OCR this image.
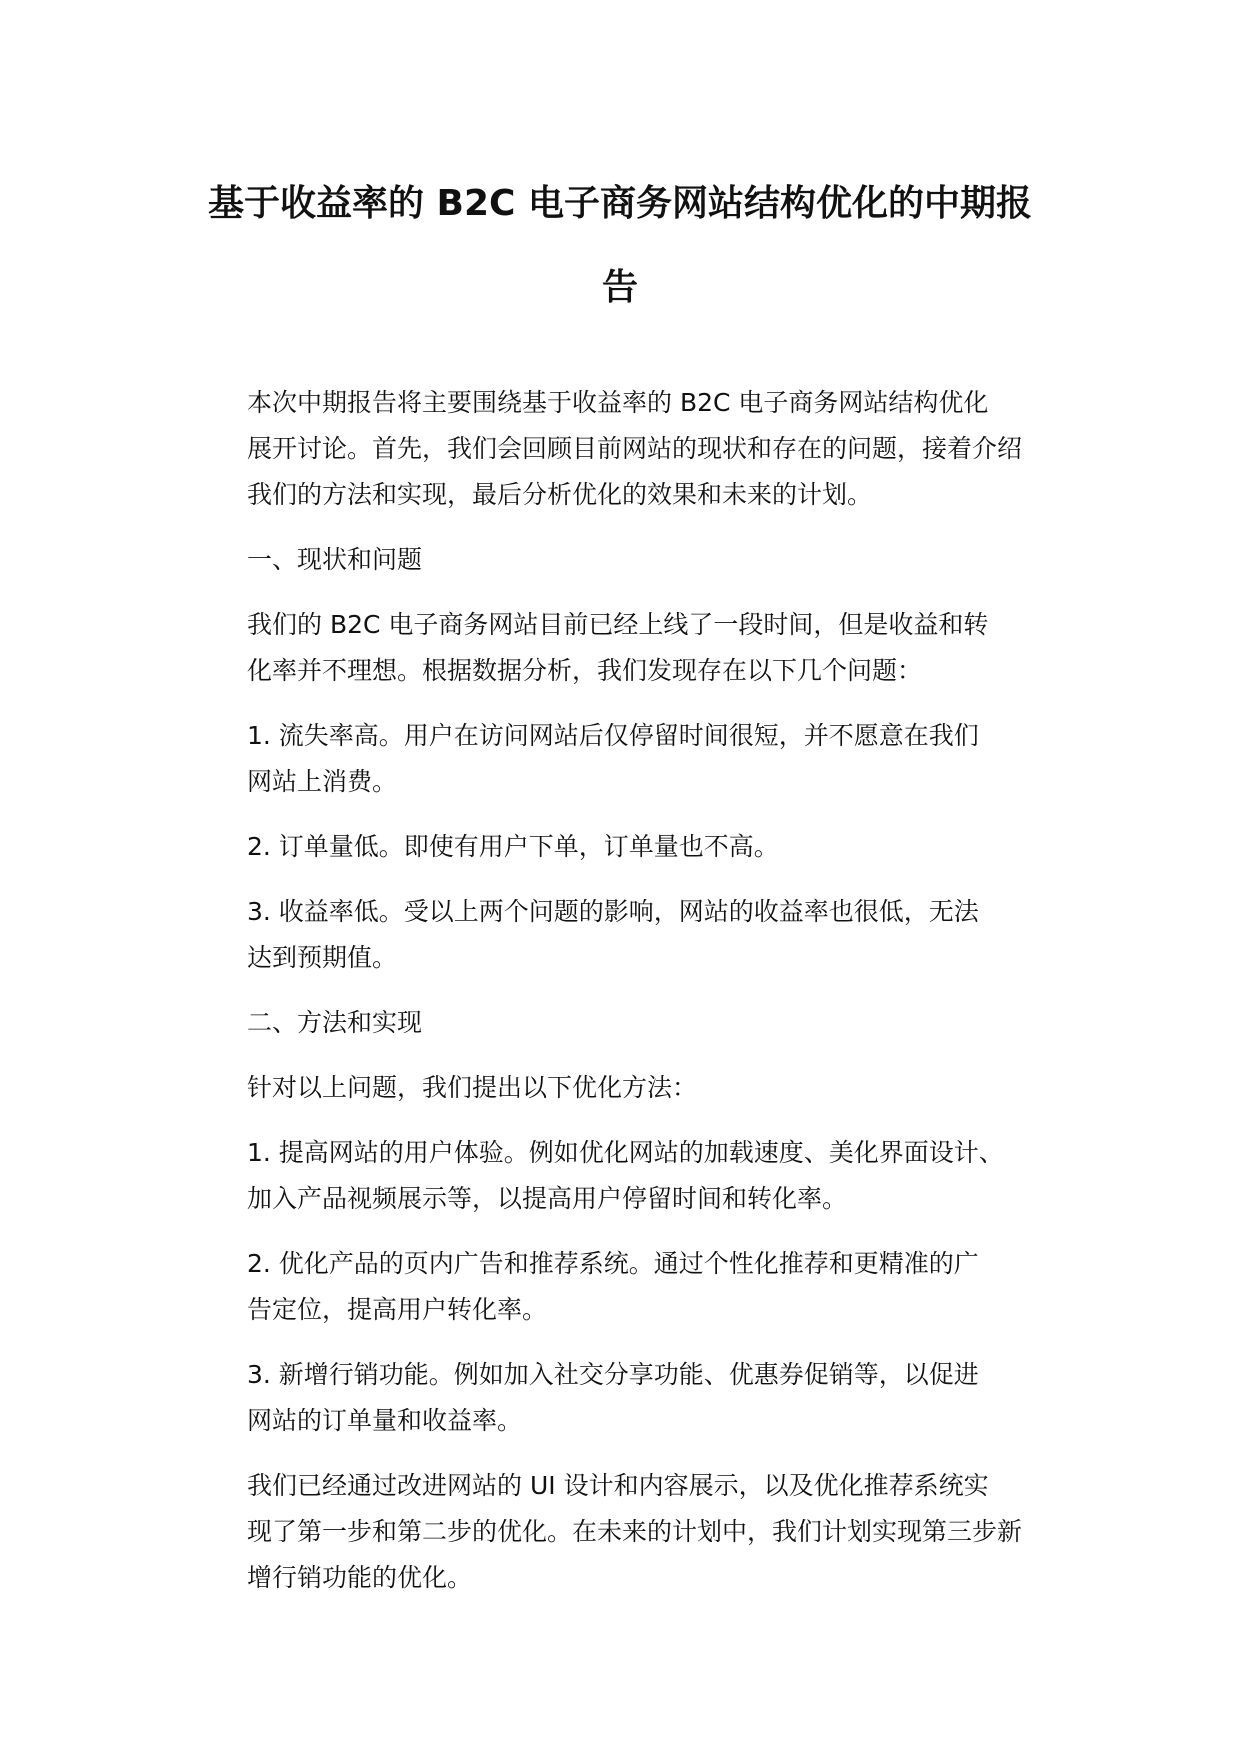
基于收益率的 B2C 电子商务网站结构优化的中期报
告

本次中期报告将主要围绕基于收益率的 B2C 电子商务网站结构优化
展开讨论。首先，我们会回顾目前网站的现状和存在的问题，接着介绍
我们的方法和实现，最后分析优化的效果和未来的计划。

一、现状和问题

我们的 B2C 电子商务网站目前已经上线了一段时间，但是收益和转
化率并不理想。根据数据分析，我们发现存在以下几个问题：

1. 流失率高。用户在访问网站后仅停留时间很短，并不愿意在我们
网站上消费。

2. 订单量低。即使有用户下单，订单量也不高。

3. 收益率低。受以上两个问题的影响，网站的收益率也很低，无法
达到预期值。

二、方法和实现

针对以上问题，我们提出以下优化方法：

1. 提高网站的用户体验。例如优化网站的加载速度、美化界面设计、
加入产品视频展示等，以提高用户停留时间和转化率。

2. 优化产品的页内广告和推荐系统。通过个性化推荐和更精准的广
告定位，提高用户转化率。

3. 新增行销功能。例如加入社交分享功能、优惠券促销等，以促进
网站的订单量和收益率。

我们已经通过改进网站的 UI 设计和内容展示，以及优化推荐系统实
现了第一步和第二步的优化。在未来的计划中，我们计划实现第三步新
增行销功能的优化。
